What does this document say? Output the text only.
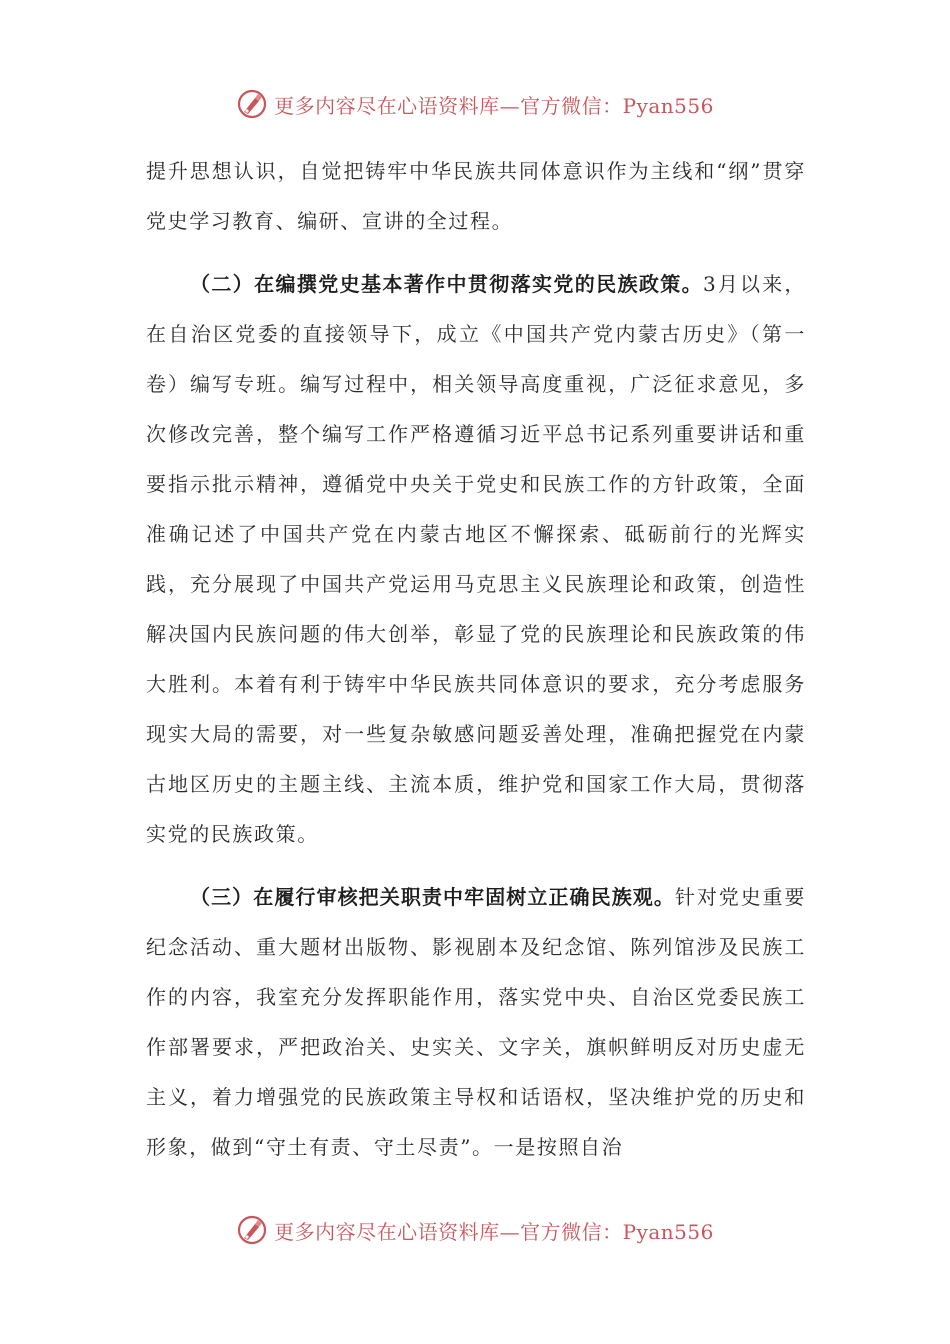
更多内容尽在心语资料库—官方微信：Pyan556

提升思想认识，自觉把铸牢中华民族共同体意识作为主线和“纲”贯穿党史学习教育、编研、宣讲的全过程。

（二）在编撰党史基本著作中贯彻落实党的民族政策。3月以来，在自治区党委的直接领导下，成立《中国共产党内蒙古历史》（第一卷）编写专班。编写过程中，相关领导高度重视，广泛征求意见，多次修改完善，整个编写工作严格遵循习近平总书记系列重要讲话和重要指示批示精神，遵循党中央关于党史和民族工作的方针政策，全面准确记述了中国共产党在内蒙古地区不懈探索、砥砺前行的光辉实践，充分展现了中国共产党运用马克思主义民族理论和政策，创造性解决国内民族问题的伟大创举，彰显了党的民族理论和民族政策的伟大胜利。本着有利于铸牢中华民族共同体意识的要求，充分考虑服务现实大局的需要，对一些复杂敏感问题妥善处理，准确把握党在内蒙古地区历史的主题主线、主流本质，维护党和国家工作大局，贯彻落实党的民族政策。

（三）在履行审核把关职责中牢固树立正确民族观。针对党史重要纪念活动、重大题材出版物、影视剧本及纪念馆、陈列馆涉及民族工作的内容，我室充分发挥职能作用，落实党中央、自治区党委民族工作部署要求，严把政治关、史实关、文字关，旗帜鲜明反对历史虚无主义，着力增强党的民族政策主导权和话语权，坚决维护党的历史和形象，做到“守土有责、守土尽责”。一是按照自治

更多内容尽在心语资料库—官方微信：Pyan556
